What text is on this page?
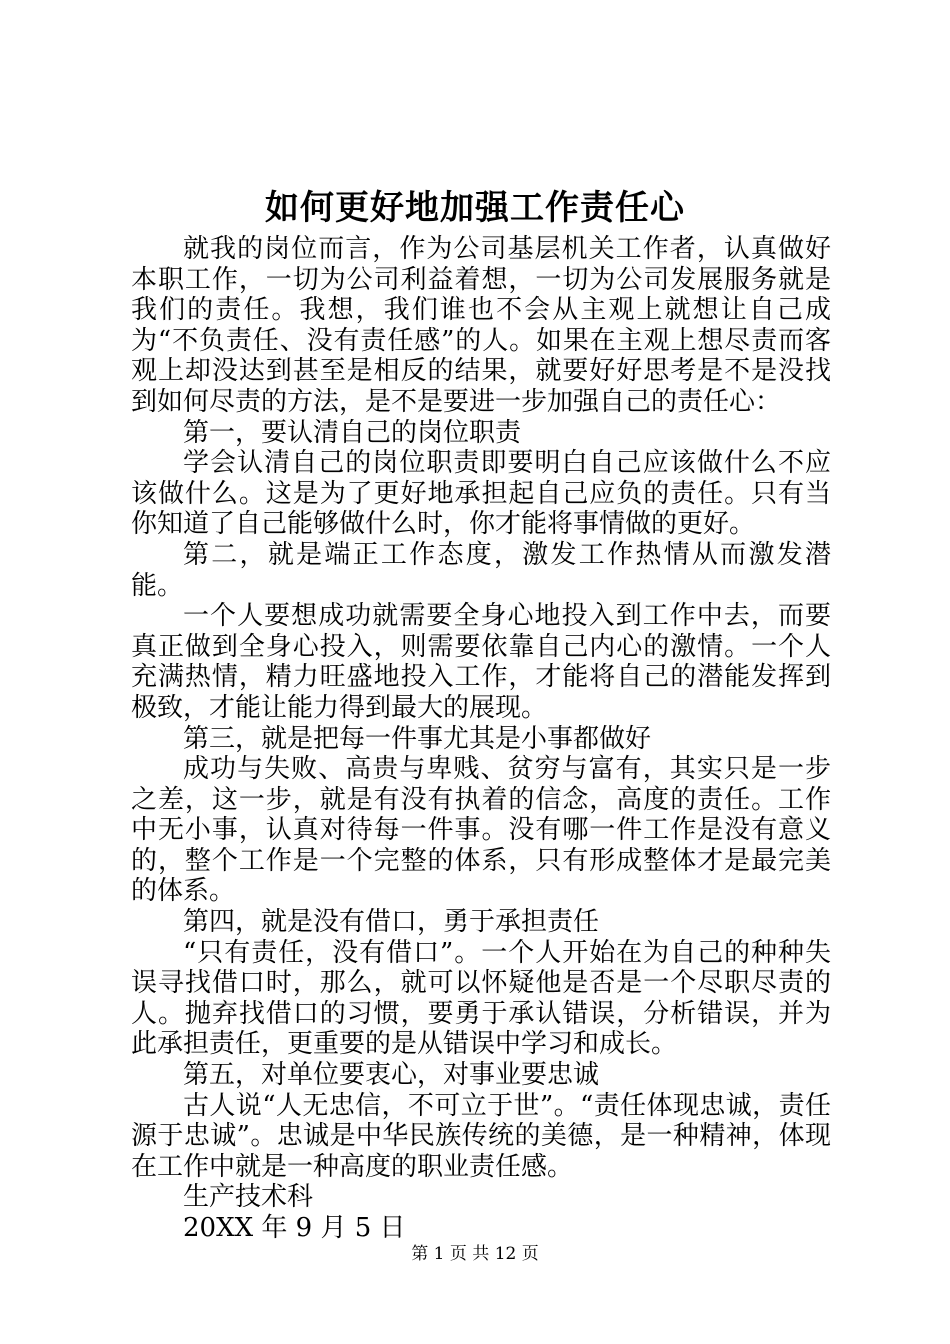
如何更好地加强工作责任心

就我的岗位而言，作为公司基层机关工作者，认真做好本职工作，一切为公司利益着想，一切为公司发展服务就是我们的责任。我想，我们谁也不会从主观上就想让自己成为“不负责任、没有责任感”的人。如果在主观上想尽责而客观上却没达到甚至是相反的结果，就要好好思考是不是没找到如何尽责的方法，是不是要进一步加强自己的责任心：

第一，要认清自己的岗位职责

学会认清自己的岗位职责即要明白自己应该做什么不应该做什么。这是为了更好地承担起自己应负的责任。只有当你知道了自己能够做什么时，你才能将事情做的更好。

第二，就是端正工作态度，激发工作热情从而激发潜能。

一个人要想成功就需要全身心地投入到工作中去，而要真正做到全身心投入，则需要依靠自己内心的激情。一个人充满热情，精力旺盛地投入工作，才能将自己的潜能发挥到极致，才能让能力得到最大的展现。

第三，就是把每一件事尤其是小事都做好

成功与失败、高贵与卑贱、贫穷与富有，其实只是一步之差，这一步，就是有没有执着的信念，高度的责任。工作中无小事，认真对待每一件事。没有哪一件工作是没有意义的，整个工作是一个完整的体系，只有形成整体才是最完美的体系。

第四，就是没有借口，勇于承担责任

“只有责任，没有借口”。一个人开始在为自己的种种失误寻找借口时，那么，就可以怀疑他是否是一个尽职尽责的人。抛弃找借口的习惯，要勇于承认错误，分析错误，并为此承担责任，更重要的是从错误中学习和成长。

第五，对单位要衷心，对事业要忠诚

古人说“人无忠信，不可立于世”。“责任体现忠诚，责任源于忠诚”。忠诚是中华民族传统的美德，是一种精神，体现在工作中就是一种高度的职业责任感。

生产技术科

20XX 年 9 月 5 日

第 1 页 共 12 页
